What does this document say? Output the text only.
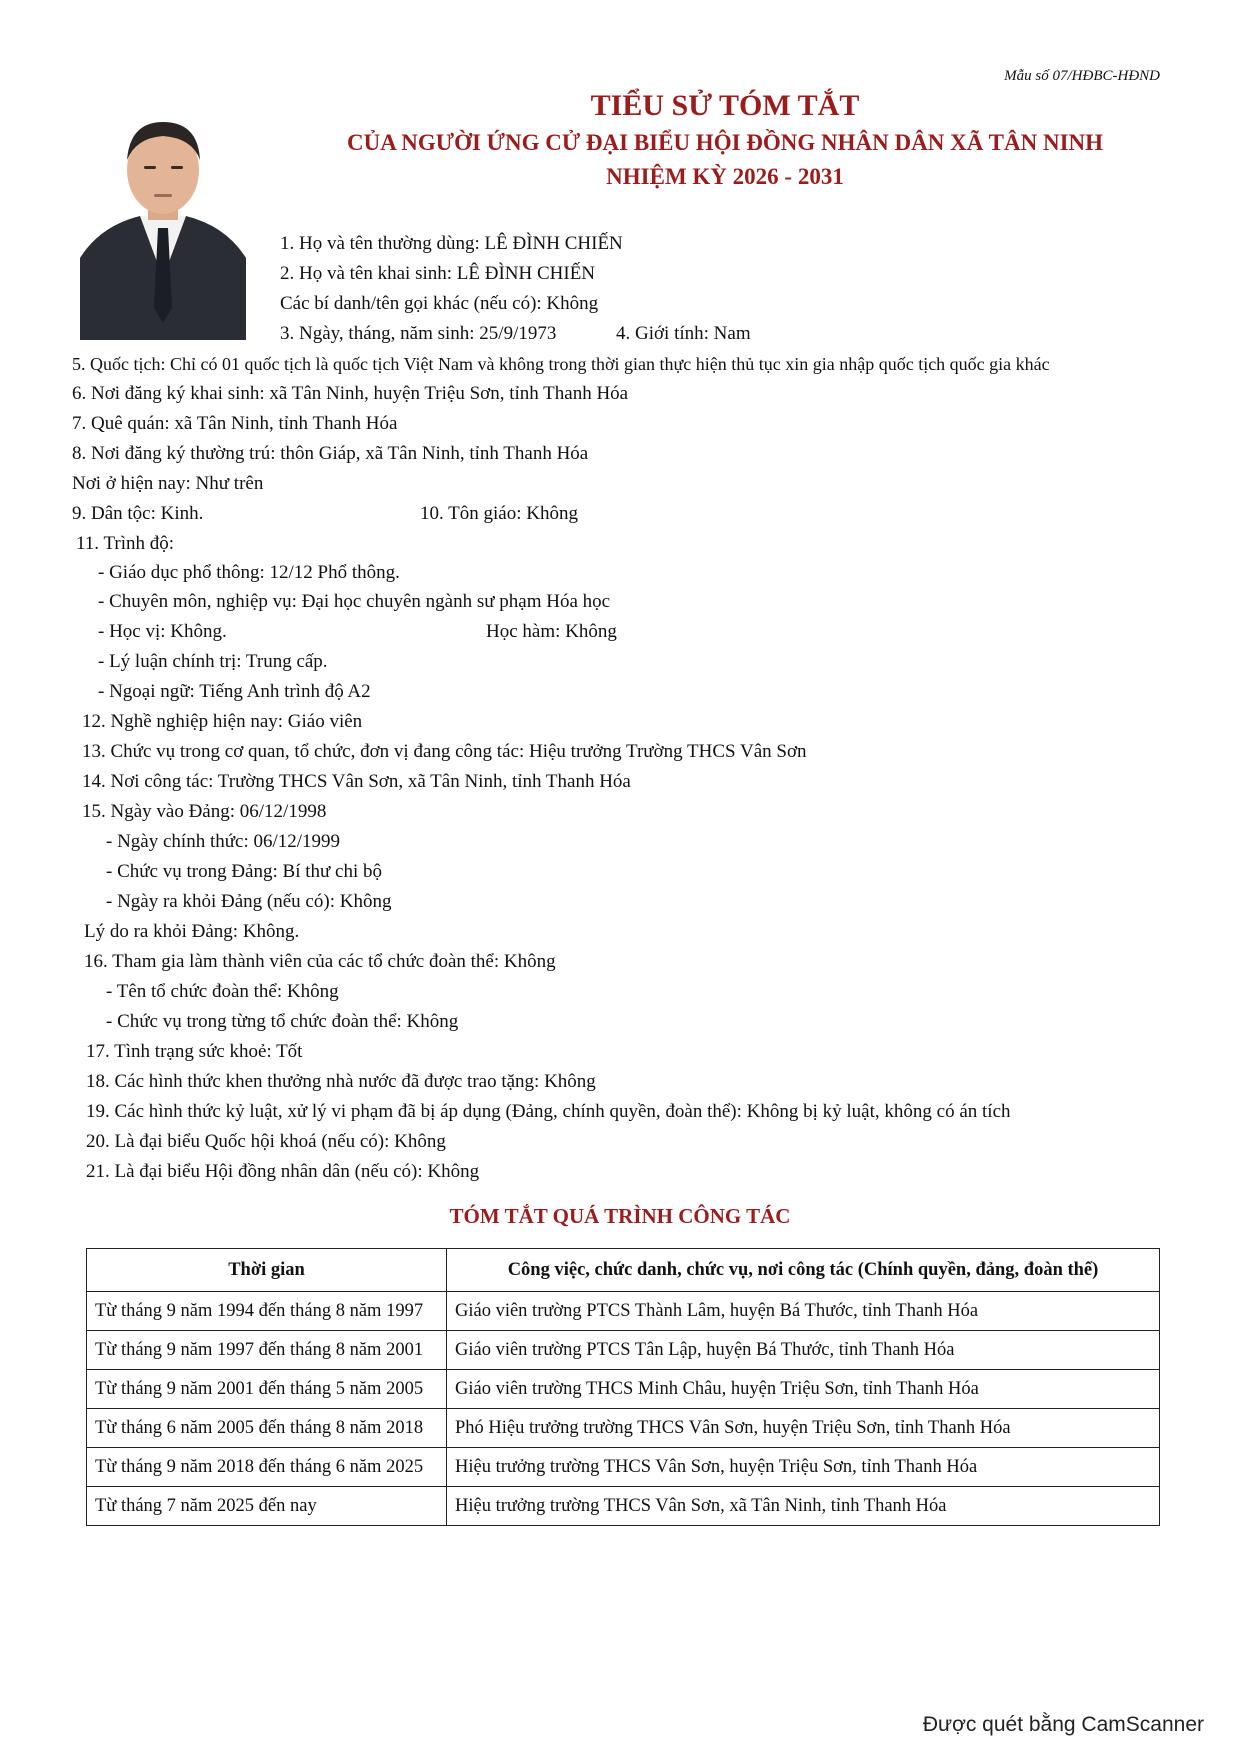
Mẫu số 07/HĐBC-HĐND
TIỂU SỬ TÓM TẮT
CỦA NGƯỜI ỨNG CỬ ĐẠI BIỂU HỘI ĐỒNG NHÂN DÂN XÃ TÂN NINH
NHIỆM KỲ 2026 - 2031
1. Họ và tên thường dùng: LÊ ĐÌNH CHIẾN
2. Họ và tên khai sinh: LÊ ĐÌNH CHIẾN
Các bí danh/tên gọi khác (nếu có): Không
3. Ngày, tháng, năm sinh: 25/9/1973	4. Giới tính: Nam
5. Quốc tịch: Chỉ có 01 quốc tịch là quốc tịch Việt Nam và không trong thời gian thực hiện thủ tục xin gia nhập quốc tịch quốc gia khác
6. Nơi đăng ký khai sinh: xã Tân Ninh, huyện Triệu Sơn, tỉnh Thanh Hóa
7. Quê quán: xã Tân Ninh, tỉnh Thanh Hóa
8. Nơi đăng ký thường trú: thôn Giáp, xã Tân Ninh, tỉnh Thanh Hóa
Nơi ở hiện nay: Như trên
9. Dân tộc: Kinh.	10. Tôn giáo: Không
11. Trình độ:
- Giáo dục phổ thông: 12/12 Phổ thông.
- Chuyên môn, nghiệp vụ: Đại học chuyên ngành sư phạm Hóa học
- Học vị: Không.	Học hàm: Không
- Lý luận chính trị: Trung cấp.
- Ngoại ngữ: Tiếng Anh trình độ A2
12. Nghề nghiệp hiện nay: Giáo viên
13. Chức vụ trong cơ quan, tổ chức, đơn vị đang công tác: Hiệu trưởng Trường THCS Vân Sơn
14. Nơi công tác: Trường THCS Vân Sơn, xã Tân Ninh, tỉnh Thanh Hóa
15. Ngày vào Đảng: 06/12/1998
- Ngày chính thức: 06/12/1999
- Chức vụ trong Đảng: Bí thư chi bộ
- Ngày ra khỏi Đảng (nếu có): Không
Lý do ra khỏi Đảng: Không.
16. Tham gia làm thành viên của các tổ chức đoàn thể: Không
- Tên tổ chức đoàn thể: Không
- Chức vụ trong từng tổ chức đoàn thể: Không
17. Tình trạng sức khoẻ: Tốt
18. Các hình thức khen thưởng nhà nước đã được trao tặng: Không
19. Các hình thức kỷ luật, xử lý vi phạm đã bị áp dụng (Đảng, chính quyền, đoàn thể): Không bị kỷ luật, không có án tích
20. Là đại biểu Quốc hội khoá (nếu có): Không
21. Là đại biểu Hội đồng nhân dân (nếu có): Không
TÓM TẮT QUÁ TRÌNH CÔNG TÁC
Thời gian	Công việc, chức danh, chức vụ, nơi công tác (Chính quyền, đảng, đoàn thể)
Từ tháng 9 năm 1994 đến tháng 8 năm 1997	Giáo viên trường PTCS Thành Lâm, huyện Bá Thước, tỉnh Thanh Hóa
Từ tháng 9 năm 1997 đến tháng 8 năm 2001	Giáo viên trường PTCS Tân Lập, huyện Bá Thước, tỉnh Thanh Hóa
Từ tháng 9 năm 2001 đến tháng 5 năm 2005	Giáo viên trường THCS Minh Châu, huyện Triệu Sơn, tỉnh Thanh Hóa
Từ tháng 6 năm 2005 đến tháng 8 năm 2018	Phó Hiệu trưởng trường THCS Vân Sơn, huyện Triệu Sơn, tỉnh Thanh Hóa
Từ tháng 9 năm 2018 đến tháng 6 năm 2025	Hiệu trưởng trường THCS Vân Sơn, huyện Triệu Sơn, tỉnh Thanh Hóa
Từ tháng 7 năm 2025 đến nay	Hiệu trưởng trường THCS Vân Sơn, xã Tân Ninh, tỉnh Thanh Hóa
Được quét bằng CamScanner
